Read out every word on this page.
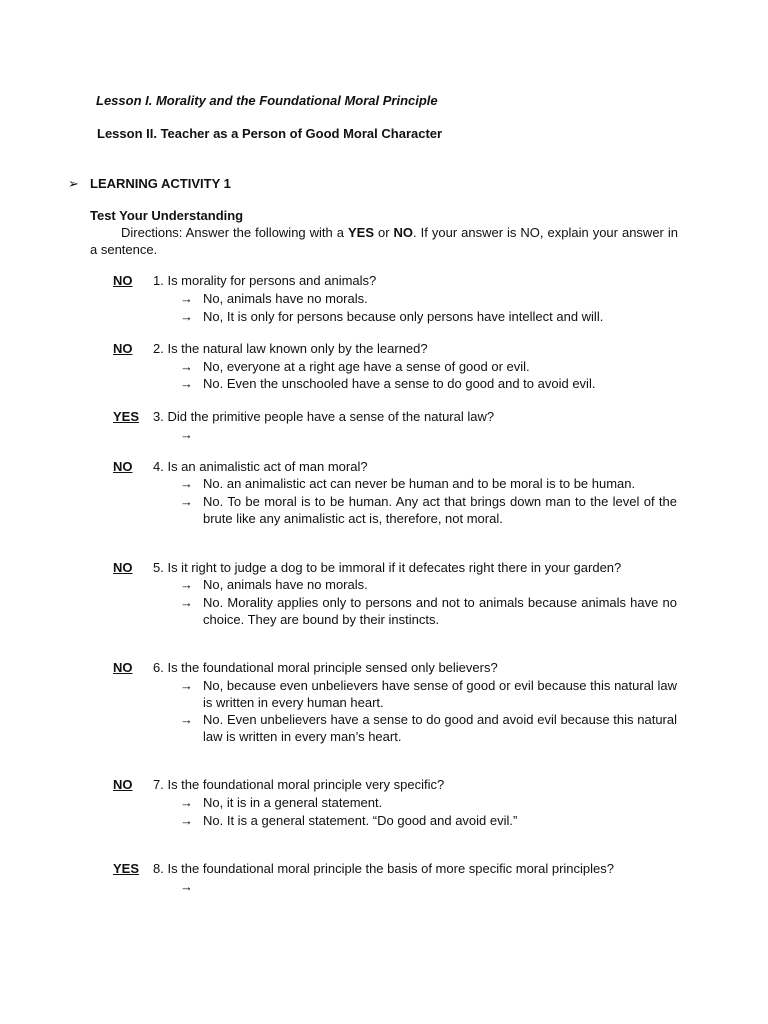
Lesson I. Morality and the Foundational Moral Principle
Lesson II. Teacher as a Person of Good Moral Character
➢ LEARNING ACTIVITY 1
Test Your Understanding
Directions: Answer the following with a YES or NO. If your answer is NO, explain your answer in a sentence.
NO	1. Is morality for persons and animals?
→ No, animals have no morals.
→ No, It is only for persons because only persons have intellect and will.
NO	2. Is the natural law known only by the learned?
→ No, everyone at a right age have a sense of good or evil.
→ No. Even the unschooled have a sense to do good and to avoid evil.
YES	3. Did the primitive people have a sense of the natural law?
→
NO	4. Is an animalistic act of man moral?
→ No. an animalistic act can never be human and to be moral is to be human.
→ No. To be moral is to be human. Any act that brings down man to the level of the brute like any animalistic act is, therefore, not moral.
NO	5. Is it right to judge a dog to be immoral if it defecates right there in your garden?
→ No, animals have no morals.
→ No. Morality applies only to persons and not to animals because animals have no choice. They are bound by their instincts.
NO	6. Is the foundational moral principle sensed only believers?
→ No, because even unbelievers have sense of good or evil because this natural law is written in every human heart.
→ No. Even unbelievers have a sense to do good and avoid evil because this natural law is written in every man’s heart.
NO	7. Is the foundational moral principle very specific?
→ No, it is in a general statement.
→ No. It is a general statement. “Do good and avoid evil.”
YES	8. Is the foundational moral principle the basis of more specific moral principles?
→
